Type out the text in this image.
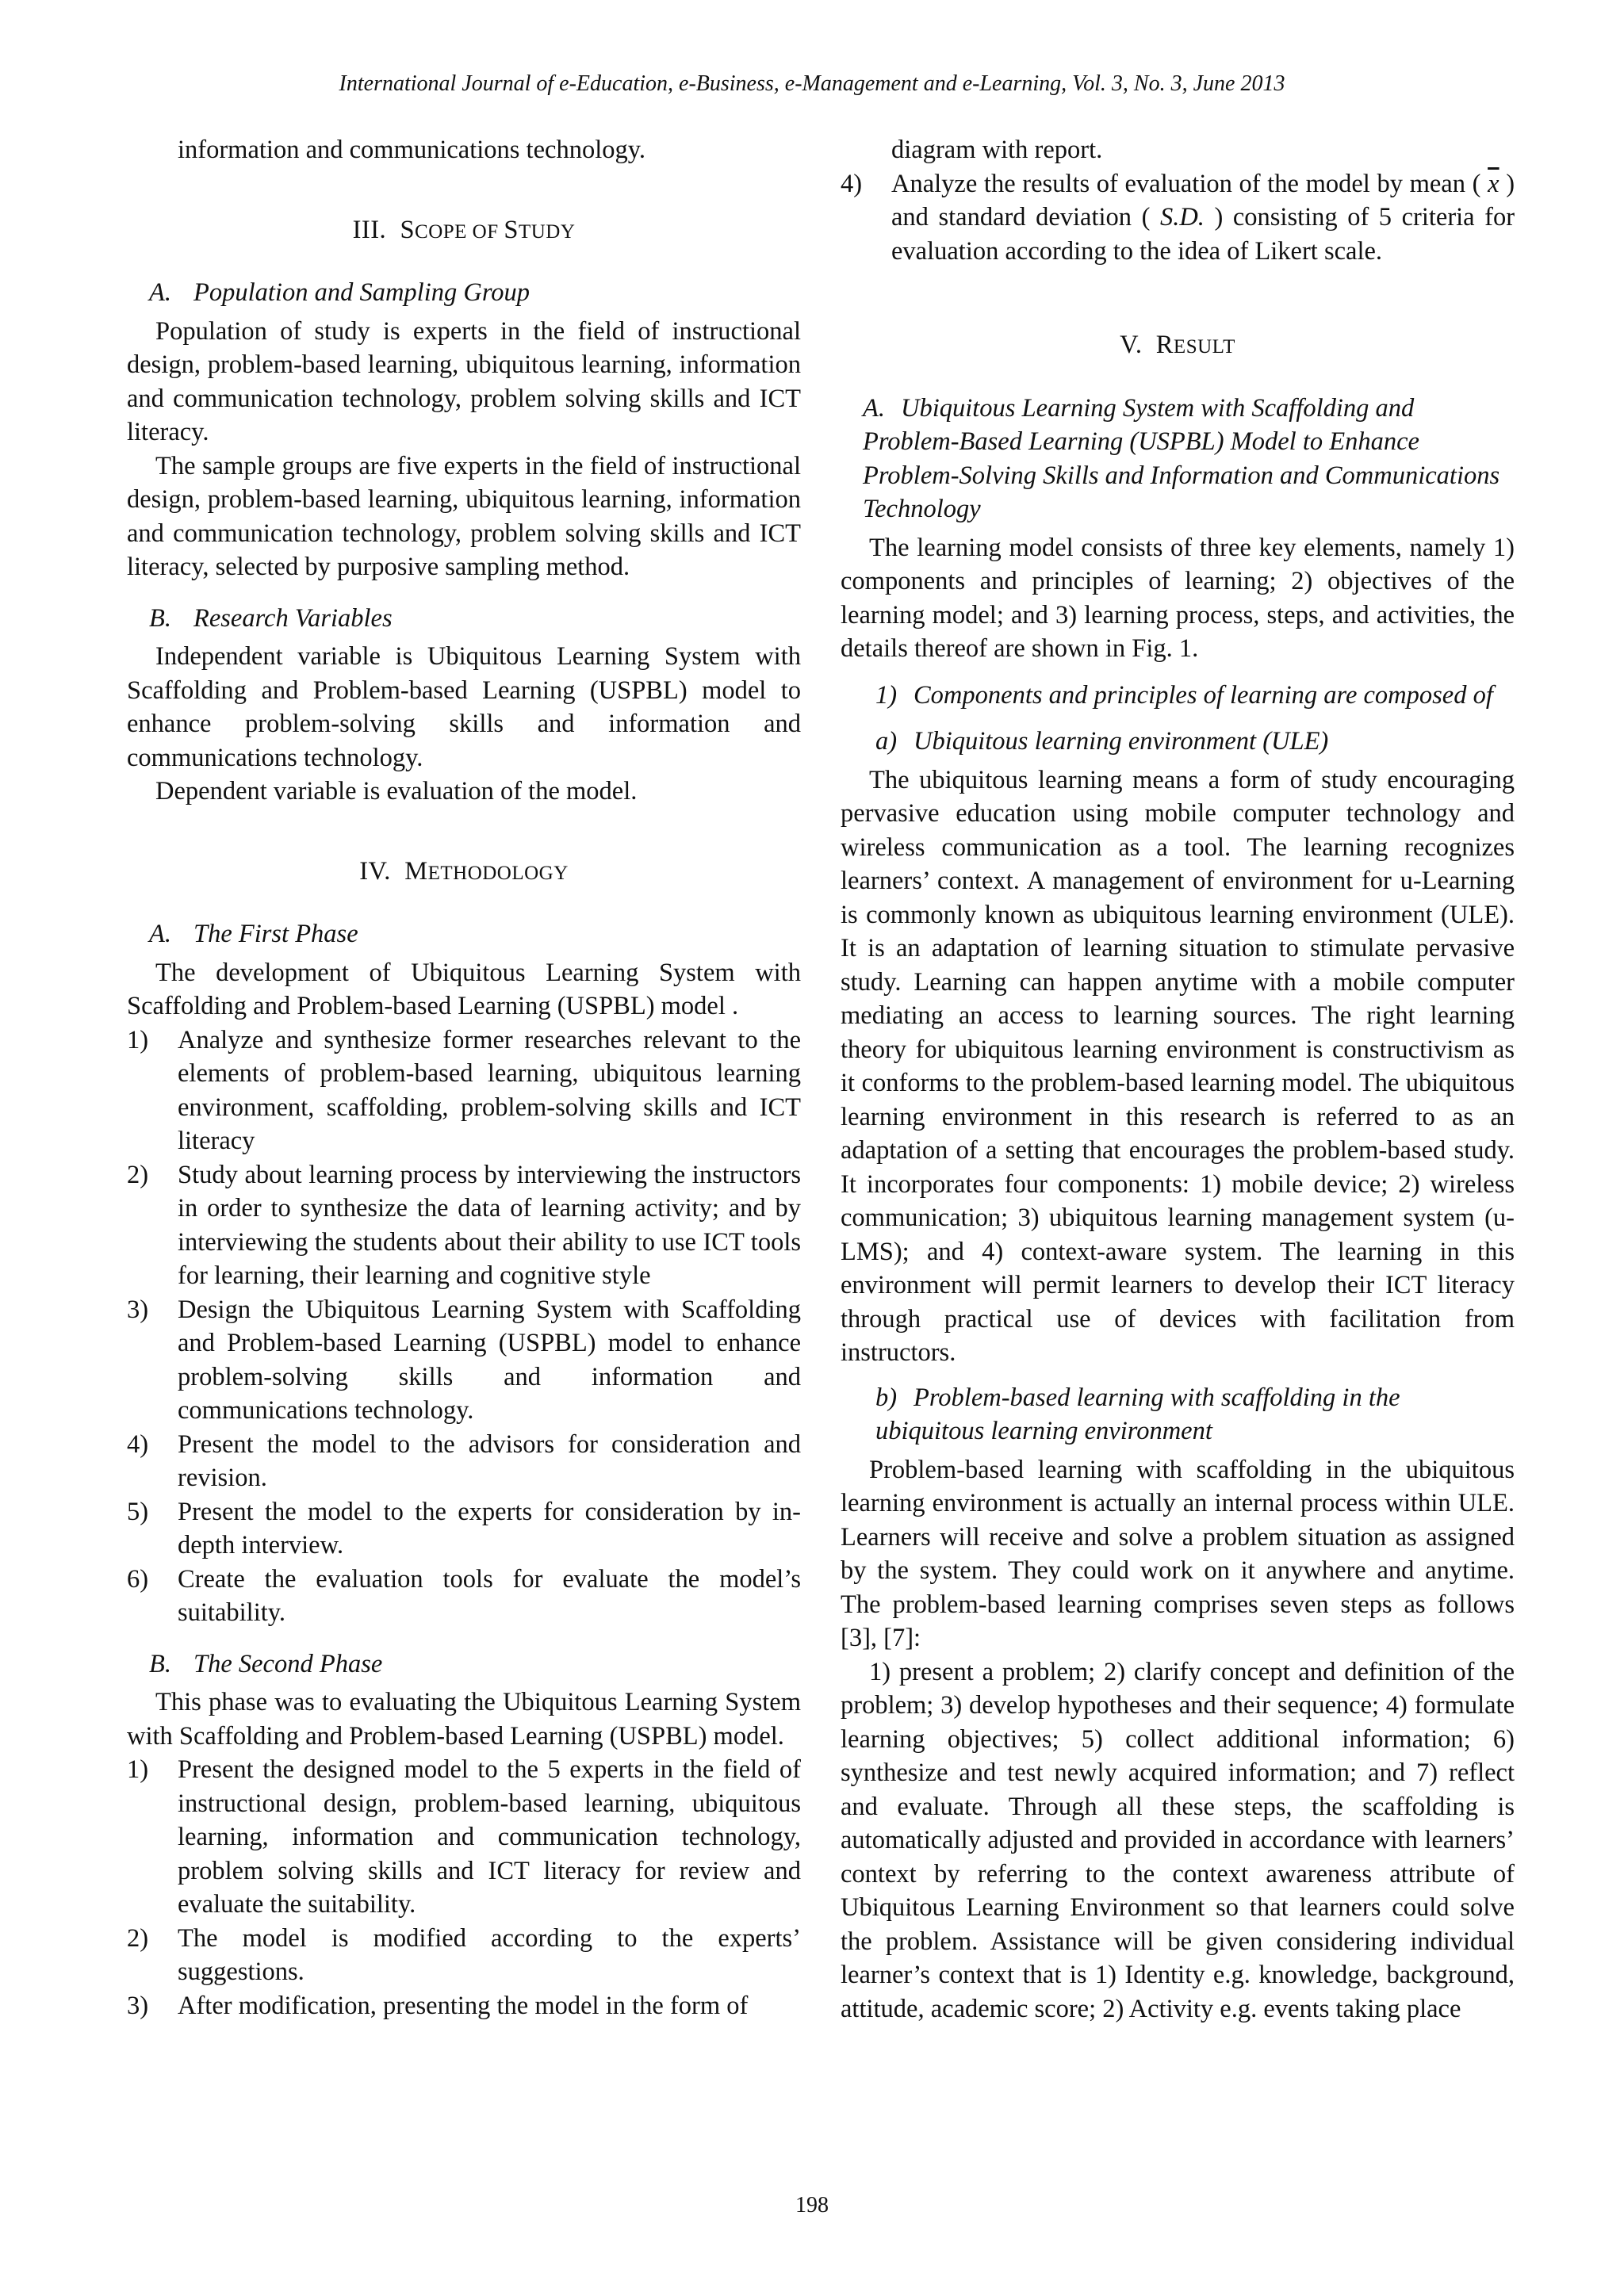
International Journal of e-Education, e-Business, e-Management and e-Learning, Vol. 3, No. 3, June 2013

information and communications technology.

III. SCOPE OF STUDY
A. Population and Sampling Group

Population of study is experts in the field of instructional design, problem-based learning, ubiquitous learning, information and communication technology, problem solving skills and ICT literacy.

The sample groups are five experts in the field of instructional design, problem-based learning, ubiquitous learning, information and communication technology, problem solving skills and ICT literacy, selected by purposive sampling method.

B. Research Variables

Independent variable is Ubiquitous Learning System with Scaffolding and Problem-based Learning (USPBL) model to enhance problem-solving skills and information and communications technology.

Dependent variable is evaluation of the model.

IV. METHODOLOGY
A. The First Phase

The development of Ubiquitous Learning System with Scaffolding and Problem-based Learning (USPBL) model .

1) Analyze and synthesize former researches relevant to the elements of problem-based learning, ubiquitous learning environment, scaffolding, problem-solving skills and ICT literacy
2) Study about learning process by interviewing the instructors in order to synthesize the data of learning activity; and by interviewing the students about their ability to use ICT tools for learning, their learning and cognitive style
3) Design the Ubiquitous Learning System with Scaffolding and Problem-based Learning (USPBL) model to enhance problem-solving skills and information and communications technology.
4) Present the model to the advisors for consideration and revision.
5) Present the model to the experts for consideration by in-depth interview.
6) Create the evaluation tools for evaluate the model’s suitability.
B. The Second Phase

This phase was to evaluating the Ubiquitous Learning System with Scaffolding and Problem-based Learning (USPBL) model.

1) Present the designed model to the 5 experts in the field of instructional design, problem-based learning, ubiquitous learning, information and communication technology, problem solving skills and ICT literacy for review and evaluate the suitability.
2) The model is modified according to the experts’ suggestions.
3) After modification, presenting the model in the form of

diagram with report.

4) Analyze the results of evaluation of the model by mean ( $\overline{x}$ ) and standard deviation ( S.D. ) consisting of 5 criteria for evaluation according to the idea of Likert scale.
V. RESULT
A. Ubiquitous Learning System with Scaffolding and Problem-Based Learning (USPBL) Model to Enhance Problem-Solving Skills and Information and Communications Technology

The learning model consists of three key elements, namely 1) components and principles of learning; 2) objectives of the learning model; and 3) learning process, steps, and activities, the details thereof are shown in Fig. 1.

1) Components and principles of learning are composed of
a) Ubiquitous learning environment (ULE)

The ubiquitous learning means a form of study encouraging pervasive education using mobile computer technology and wireless communication as a tool. The learning recognizes learners’ context. A management of environment for u-Learning is commonly known as ubiquitous learning environment (ULE). It is an adaptation of learning situation to stimulate pervasive study. Learning can happen anytime with a mobile computer mediating an access to learning sources. The right learning theory for ubiquitous learning environment is constructivism as it conforms to the problem-based learning model. The ubiquitous learning environment in this research is referred to as an adaptation of a setting that encourages the problem-based study. It incorporates four components: 1) mobile device; 2) wireless communication; 3) ubiquitous learning management system (u-LMS); and 4) context-aware system. The learning in this environment will permit learners to develop their ICT literacy through practical use of devices with facilitation from instructors.

b) Problem-based learning with scaffolding in the ubiquitous learning environment

Problem-based learning with scaffolding in the ubiquitous learning environment is actually an internal process within ULE. Learners will receive and solve a problem situation as assigned by the system. They could work on it anywhere and anytime. The problem-based learning comprises seven steps as follows [3], [7]:

1) present a problem; 2) clarify concept and definition of the problem; 3) develop hypotheses and their sequence; 4) formulate learning objectives; 5) collect additional information; 6) synthesize and test newly acquired information; and 7) reflect and evaluate. Through all these steps, the scaffolding is automatically adjusted and provided in accordance with learners’ context by referring to the context awareness attribute of Ubiquitous Learning Environment so that learners could solve the problem. Assistance will be given considering individual learner’s context that is 1) Identity e.g. knowledge, background, attitude, academic score; 2) Activity e.g. events taking place

198
